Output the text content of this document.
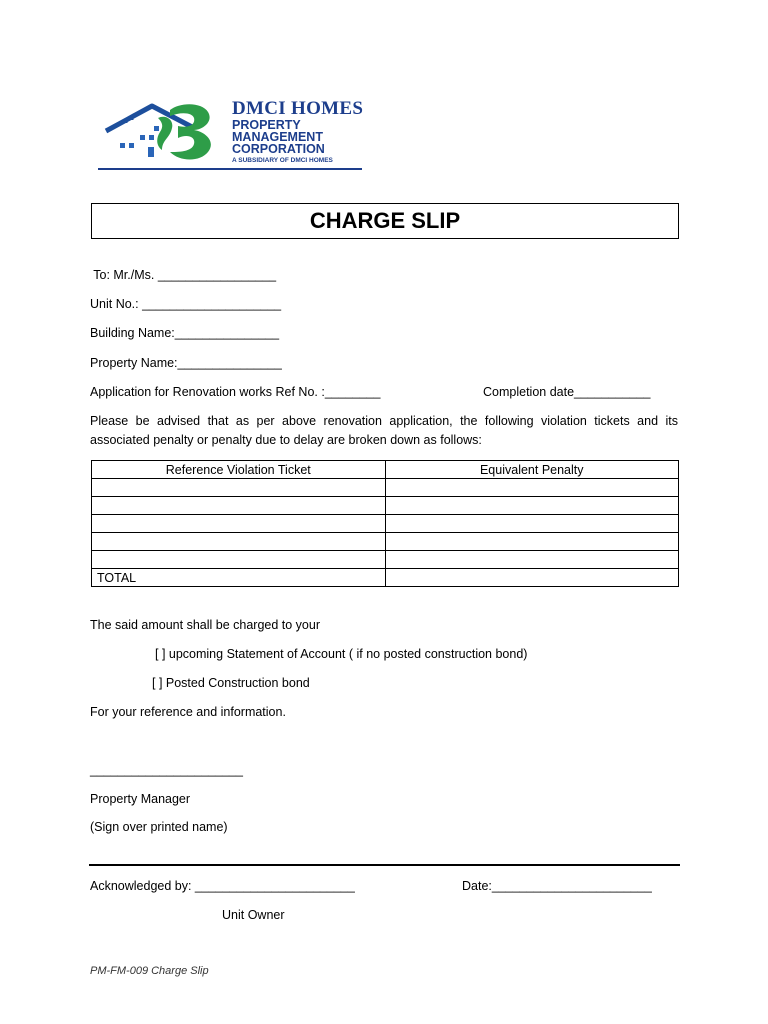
DMCI HOMES
PROPERTY
MANAGEMENT
CORPORATION
A SUBSIDIARY OF DMCI HOMES
CHARGE SLIP
To: Mr./Ms. _________________
Unit No.: ____________________
Building Name:_______________
Property Name:_______________
Application for Renovation works Ref No. :________	Completion date___________
Please be advised that as per above renovation application, the following violation tickets and its
associated penalty or penalty due to delay are broken down as follows:
Reference Violation Ticket	Equivalent Penalty

TOTAL	
The said amount shall be charged to your
[ ] upcoming Statement of Account ( if no posted construction bond)
[ ] Posted Construction bond
For your reference and information.
______________________
Property Manager
(Sign over printed name)
Acknowledged by: _______________________	Date:_______________________
Unit Owner
PM-FM-009 Charge Slip
